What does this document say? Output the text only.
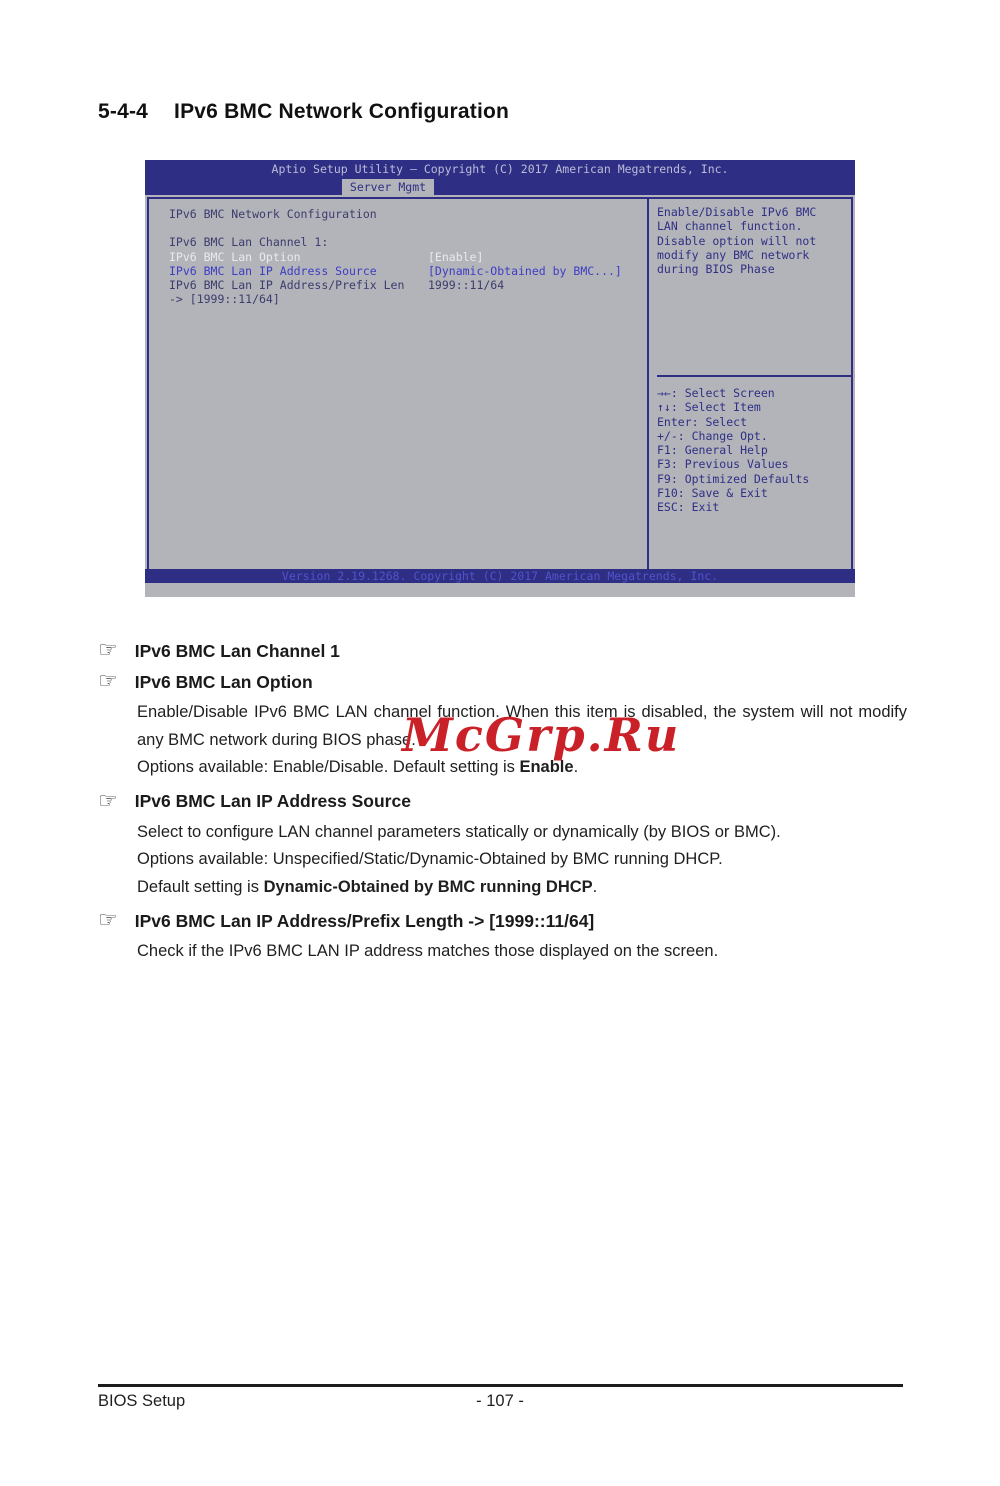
5-4-4 IPv6 BMC Network Configuration
Aptio Setup Utility – Copyright (C) 2017 American Megatrends, Inc.
Server Mgmt
IPv6 BMC Network Configuration
IPv6 BMC Lan Channel 1:
IPv6 BMC Lan Option	[Enable]
IPv6 BMC Lan IP Address Source	[Dynamic-Obtained by BMC...]
IPv6 BMC Lan IP Address/Prefix Len 1999::11/64
-> [1999::11/64]
Enable/Disable IPv6 BMC
LAN channel function.
Disable option will not
modify any BMC network
during BIOS Phase
→←: Select Screen
↑↓: Select Item
Enter: Select
+/-: Change Opt.
F1: General Help
F3: Previous Values
F9: Optimized Defaults
F10: Save & Exit
ESC: Exit
Version 2.19.1268. Copyright (C) 2017 American Megatrends, Inc.
☞ IPv6 BMC Lan Channel 1
☞ IPv6 BMC Lan Option

Enable/Disable IPv6 BMC LAN channel function. When this item is disabled, the system will not modify any BMC network during BIOS phase.

Options available: Enable/Disable. Default setting is Enable.

☞ IPv6 BMC Lan IP Address Source

Select to configure LAN channel parameters statically or dynamically (by BIOS or BMC).

Options available: Unspecified/Static/Dynamic-Obtained by BMC running DHCP.

Default setting is Dynamic-Obtained by BMC running DHCP.

☞ IPv6 BMC Lan IP Address/Prefix Length -> [1999::11/64]

Check if the IPv6 BMC LAN IP address matches those displayed on the screen.

McGrp.Ru
BIOS Setup	- 107 -
